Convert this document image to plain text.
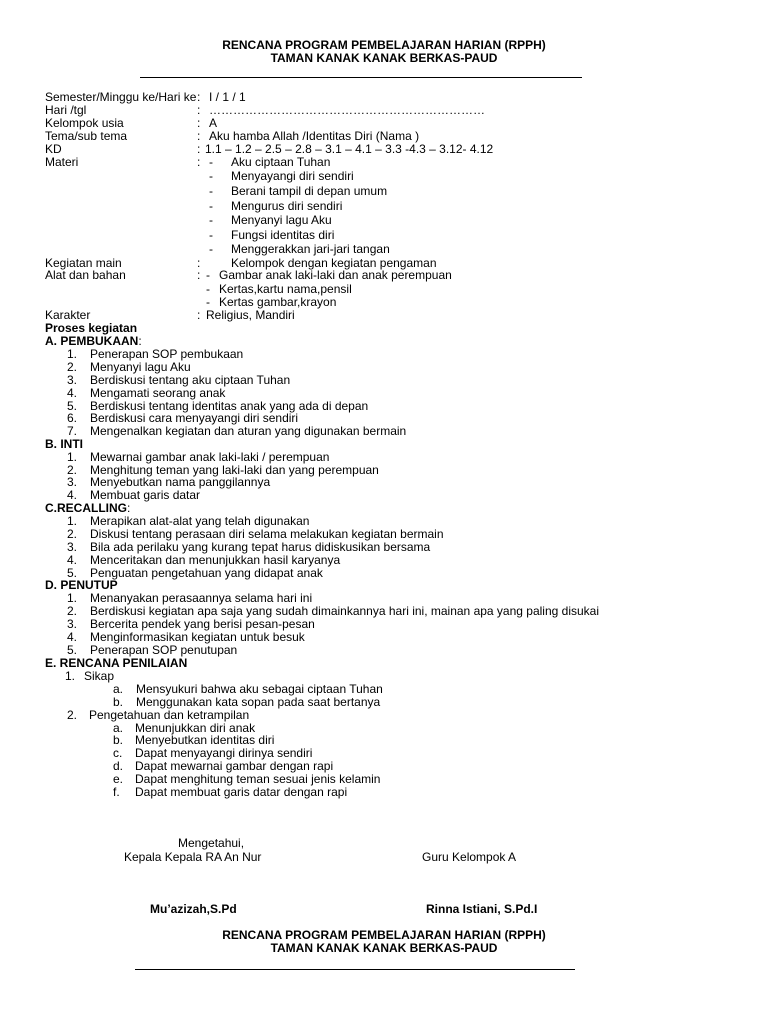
RENCANA PROGRAM PEMBELAJARAN HARIAN (RPPH)
TAMAN KANAK KANAK BERKAS-PAUD
Semester/Minggu ke/Hari ke : I / 1 / 1
Hari /tgl	: ……………………………………………………………
Kelompok usia	: A
Tema/sub tema	: Aku hamba Allah /Identitas Diri (Nama )
KD	: 1.1 – 1.2 – 2.5 – 2.8 – 3.1 – 4.1 – 3.3 -4.3 – 3.12- 4.12
Materi	: - Aku ciptaan Tuhan
- Menyayangi diri sendiri
- Berani tampil di depan umum
- Mengurus diri sendiri
- Menyanyi lagu Aku
- Fungsi identitas diri
- Menggerakkan jari-jari tangan
Kegiatan main	:	Kelompok dengan kegiatan pengaman
Alat dan bahan	: - Gambar anak laki-laki dan anak perempuan
- Kertas,kartu nama,pensil
- Kertas gambar,krayon
Karakter	: Religius, Mandiri
Proses kegiatan
A. PEMBUKAAN:
1. Penerapan SOP pembukaan
2. Menyanyi lagu Aku
3. Berdiskusi tentang aku ciptaan Tuhan
4. Mengamati seorang anak
5. Berdiskusi tentang identitas anak yang ada di depan
6. Berdiskusi cara menyayangi diri sendiri
7. Mengenalkan kegiatan dan aturan yang digunakan bermain
B. INTI
1. Mewarnai gambar anak laki-laki / perempuan
2. Menghitung teman yang laki-laki dan yang perempuan
3. Menyebutkan nama panggilannya
4. Membuat garis datar
C.RECALLING:
1. Merapikan alat-alat yang telah digunakan
2. Diskusi tentang perasaan diri selama melakukan kegiatan bermain
3. Bila ada perilaku yang kurang tepat harus didiskusikan bersama
4. Menceritakan dan menunjukkan hasil karyanya
5. Penguatan pengetahuan yang didapat anak
D. PENUTUP
1. Menanyakan perasaannya selama hari ini
2. Berdiskusi kegiatan apa saja yang sudah dimainkannya hari ini, mainan apa yang paling disukai
3. Bercerita pendek yang berisi pesan-pesan
4. Menginformasikan kegiatan untuk besuk
5. Penerapan SOP penutupan
E. RENCANA PENILAIAN
1. Sikap
a. Mensyukuri bahwa aku sebagai ciptaan Tuhan
b. Menggunakan kata sopan pada saat bertanya
2. Pengetahuan dan ketrampilan
a. Menunjukkan diri anak
b. Menyebutkan identitas diri
c. Dapat menyayangi dirinya sendiri
d. Dapat mewarnai gambar dengan rapi
e. Dapat menghitung teman sesuai jenis kelamin
f. Dapat membuat garis datar dengan rapi
Mengetahui,
Kepala Kepala RA An Nur	Guru Kelompok A
Mu’azizah,S.Pd	Rinna Istiani, S.Pd.I
RENCANA PROGRAM PEMBELAJARAN HARIAN (RPPH)
TAMAN KANAK KANAK BERKAS-PAUD
